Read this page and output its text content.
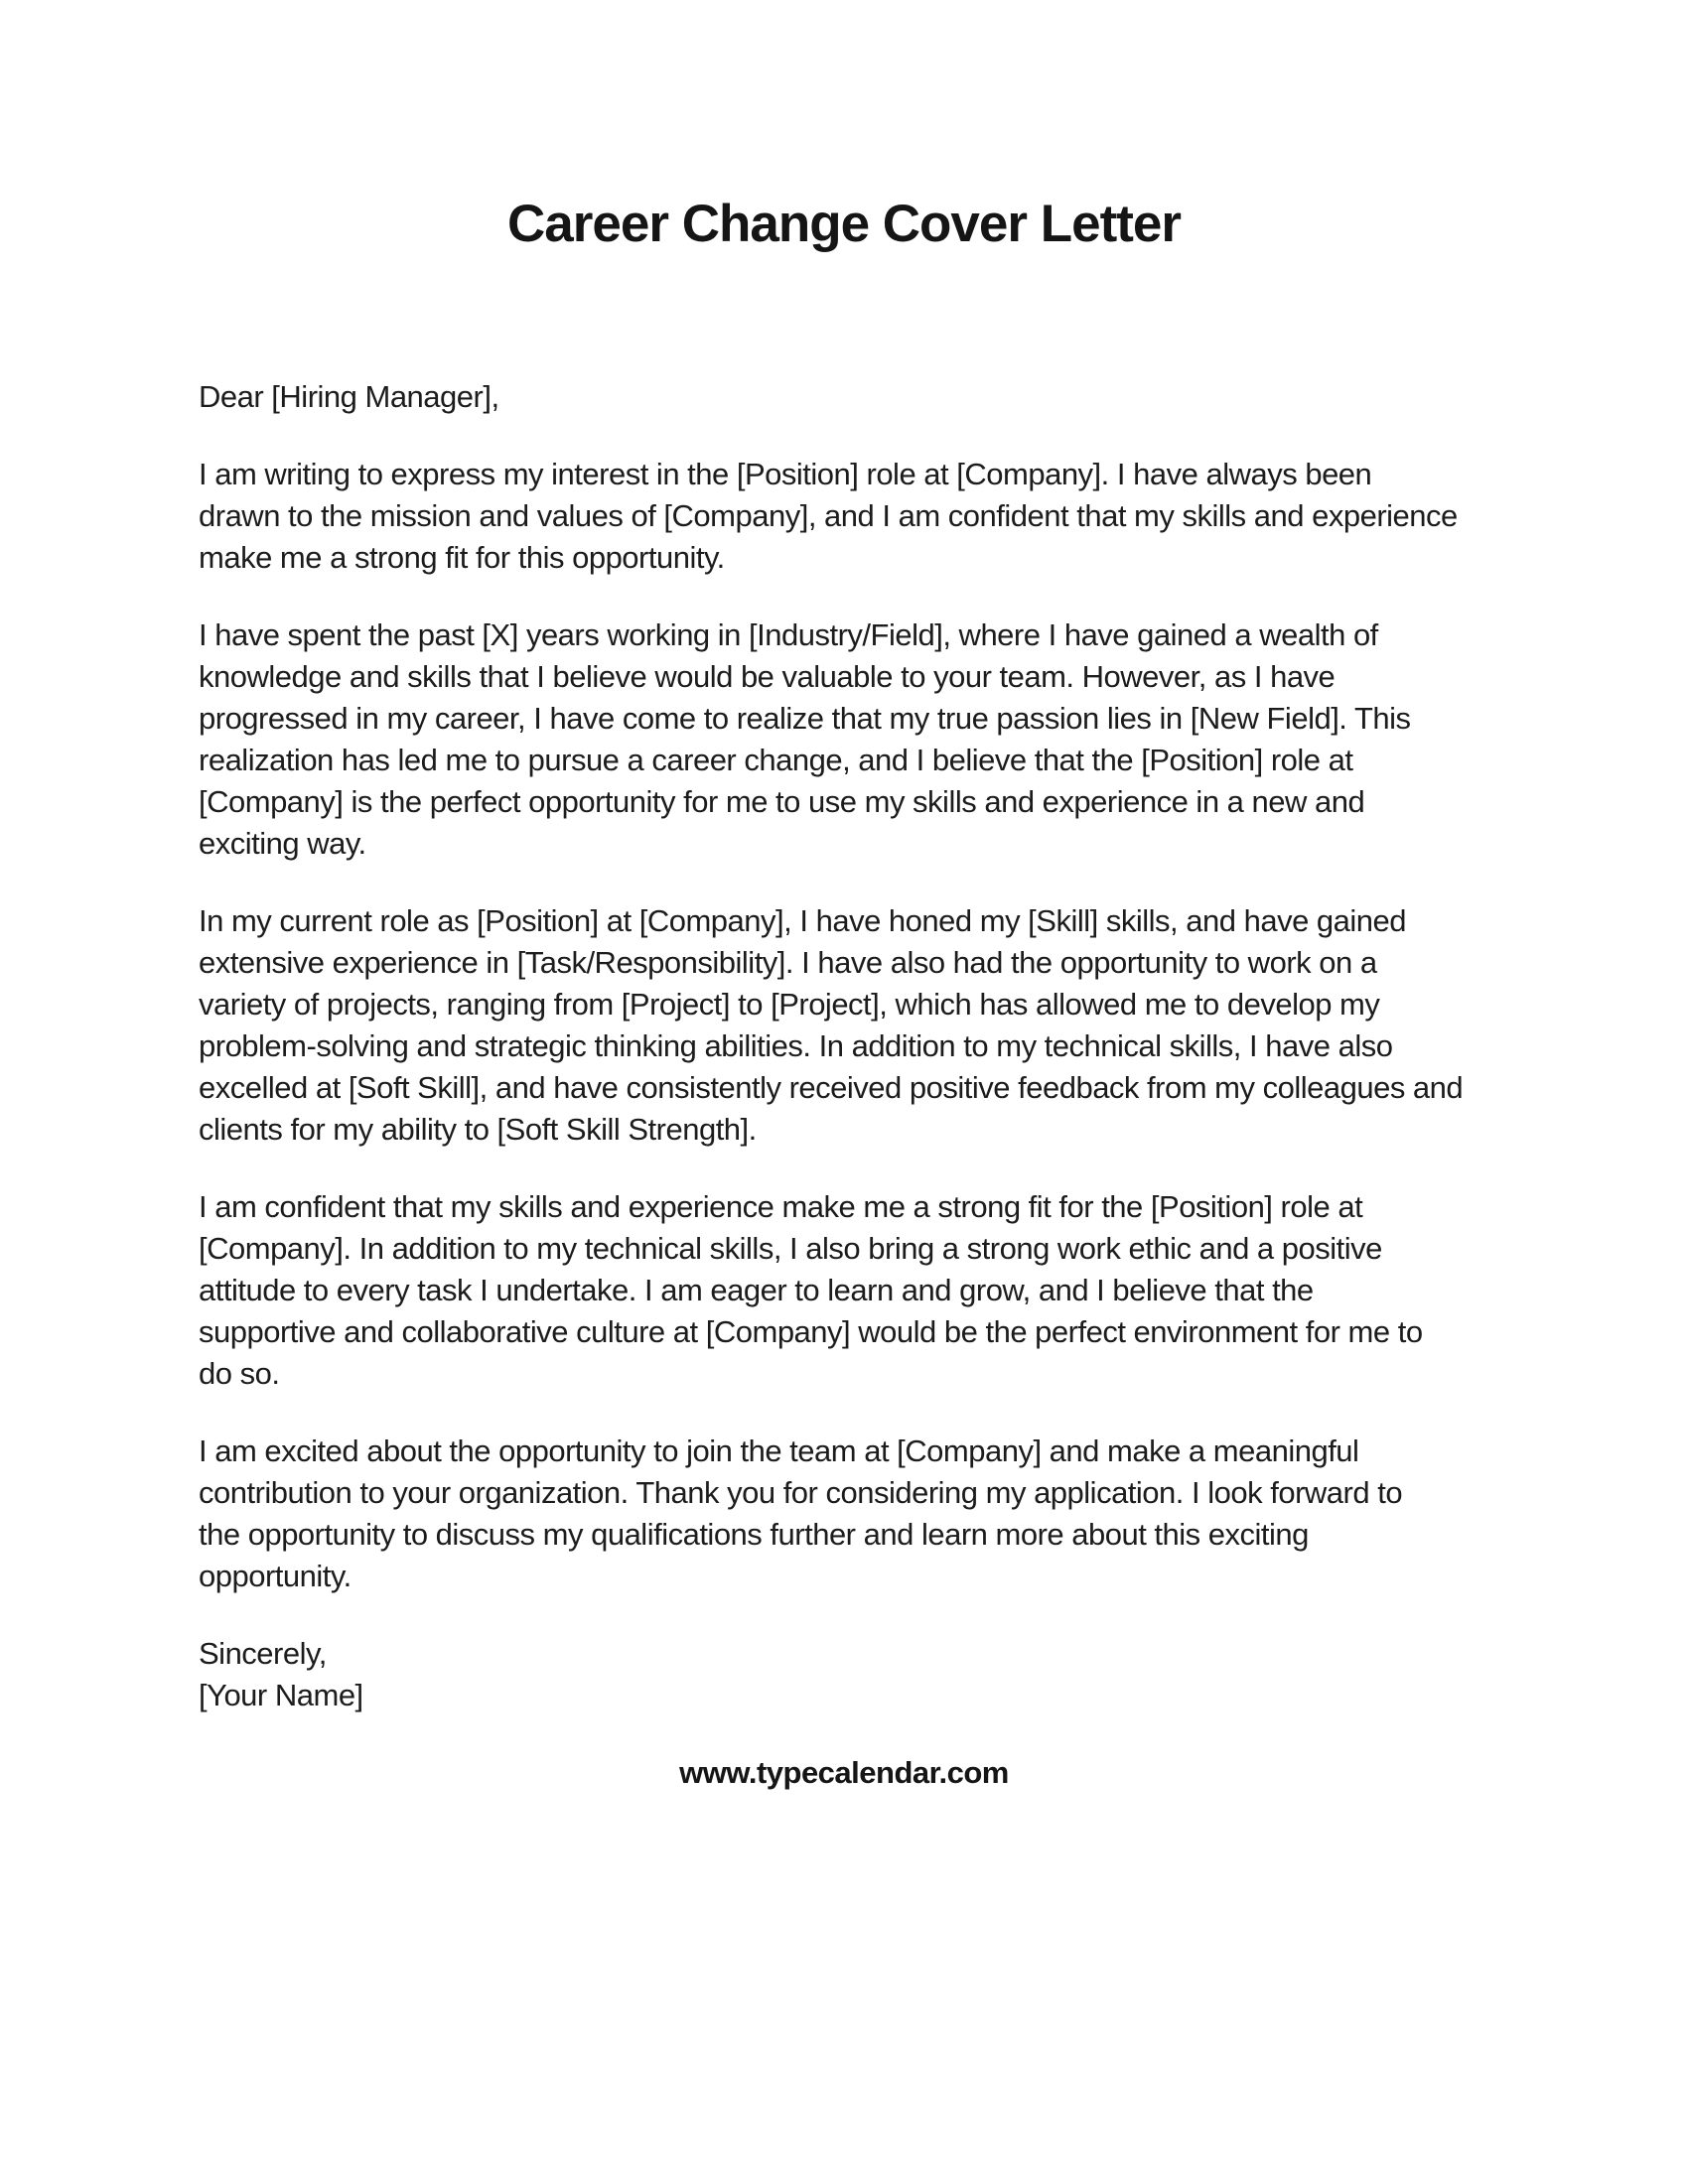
Career Change Cover Letter

Dear [Hiring Manager],

I am writing to express my interest in the [Position] role at [Company]. I have always been
drawn to the mission and values of [Company], and I am confident that my skills and experience
make me a strong fit for this opportunity.
I have spent the past [X] years working in [Industry/Field], where I have gained a wealth of
knowledge and skills that I believe would be valuable to your team. However, as I have
progressed in my career, I have come to realize that my true passion lies in [New Field]. This
realization has led me to pursue a career change, and I believe that the [Position] role at
[Company] is the perfect opportunity for me to use my skills and experience in a new and
exciting way.
In my current role as [Position] at [Company], I have honed my [Skill] skills, and have gained
extensive experience in [Task/Responsibility]. I have also had the opportunity to work on a
variety of projects, ranging from [Project] to [Project], which has allowed me to develop my
problem-solving and strategic thinking abilities. In addition to my technical skills, I have also
excelled at [Soft Skill], and have consistently received positive feedback from my colleagues and
clients for my ability to [Soft Skill Strength].
I am confident that my skills and experience make me a strong fit for the [Position] role at
[Company]. In addition to my technical skills, I also bring a strong work ethic and a positive
attitude to every task I undertake. I am eager to learn and grow, and I believe that the
supportive and collaborative culture at [Company] would be the perfect environment for me to
do so.
I am excited about the opportunity to join the team at [Company] and make a meaningful
contribution to your organization. Thank you for considering my application. I look forward to
the opportunity to discuss my qualifications further and learn more about this exciting
opportunity.
Sincerely,
[Your Name]

www.typecalendar.com
